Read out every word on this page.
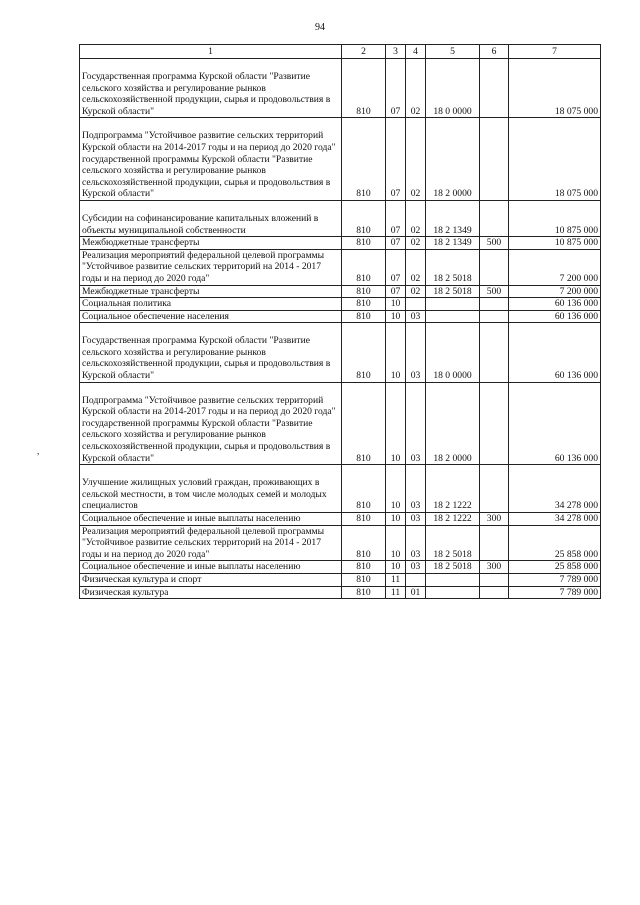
94
,
1	2	3	4	5	6	7
Государственная программа Курской области "Развитие сельского хозяйства и регулирование рынков сельскохозяйственной продукции, сырья и продовольствия в Курской области"	810	07	02	18 0 0000		18 075 000
Подпрограмма "Устойчивое развитие сельских территорий Курской области на 2014-2017 годы и на период до 2020 года" государственной программы Курской области "Развитие сельского хозяйства и регулирование рынков сельскохозяйственной продукции, сырья и продовольствия в Курской области"	810	07	02	18 2 0000		18 075 000
Субсидии на софинансирование капитальных вложений в объекты муниципальной собственности	810	07	02	18 2 1349		10 875 000
Межбюджетные трансферты	810	07	02	18 2 1349	500	10 875 000
Реализация мероприятий федеральной целевой программы "Устойчивое развитие сельских территорий на 2014 - 2017 годы и на период до 2020 года"	810	07	02	18 2 5018		7 200 000
Межбюджетные трансферты	810	07	02	18 2 5018	500	7 200 000
Социальная политика	810	10				60 136 000
Социальное обеспечение населения	810	10	03			60 136 000
Государственная программа Курской области "Развитие сельского хозяйства и регулирование рынков сельскохозяйственной продукции, сырья и продовольствия в Курской области"	810	10	03	18 0 0000		60 136 000
Подпрограмма "Устойчивое развитие сельских территорий Курской области на 2014-2017 годы и на период до 2020 года" государственной программы Курской области "Развитие сельского хозяйства и регулирование рынков сельскохозяйственной продукции, сырья и продовольствия в Курской области"	810	10	03	18 2 0000		60 136 000
Улучшение жилищных условий граждан, проживающих в сельской местности, в том числе молодых семей и молодых специалистов	810	10	03	18 2 1222		34 278 000
Социальное обеспечение и иные выплаты населению	810	10	03	18 2 1222	300	34 278 000
Реализация мероприятий федеральной целевой программы "Устойчивое развитие сельских территорий на 2014 - 2017 годы и на период до 2020 года"	810	10	03	18 2 5018		25 858 000
Социальное обеспечение и иные выплаты населению	810	10	03	18 2 5018	300	25 858 000
Физическая культура и спорт	810	11				7 789 000
Физическая культура	810	11	01			7 789 000
